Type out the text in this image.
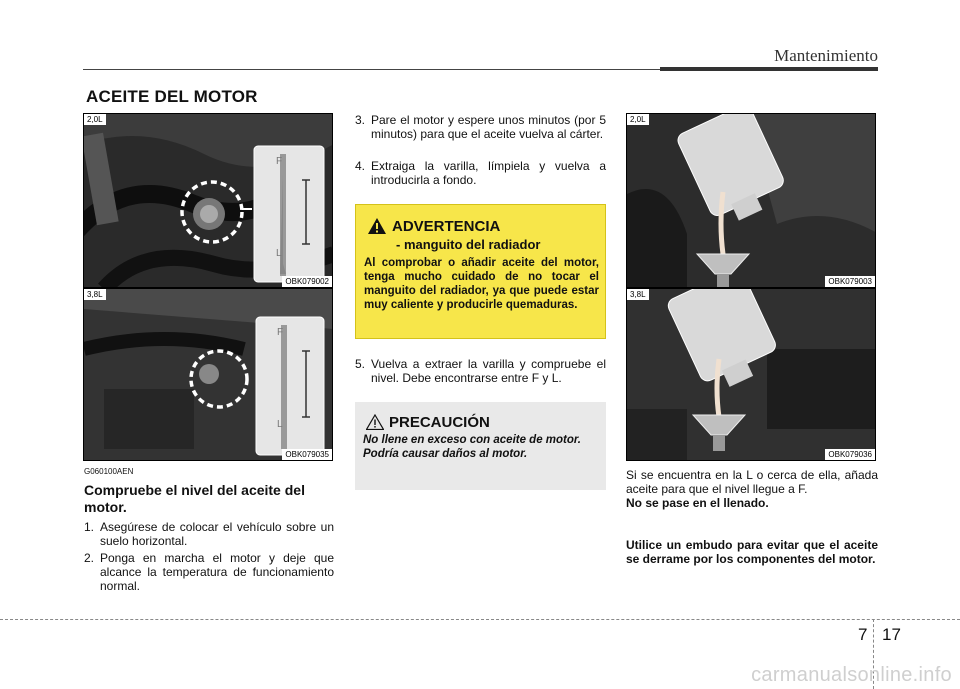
Mantenimiento
ACEITE DEL MOTOR
F
L
2,0L
OBK079002
F
L
3,8L
OBK079035
G060100AEN
Compruebe el nivel del aceite del motor.
1. Asegúrese de colocar el vehículo sobre un suelo horizontal.
2. Ponga en marcha el motor y deje que alcance la temperatura de funcionamiento normal.
3. Pare el motor y espere unos minutos (por 5 minutos) para que el aceite vuelva al cárter.
4. Extraiga la varilla, límpiela y vuelva a introducirla a fondo.
ADVERTENCIA
- manguito del radiador
Al comprobar o añadir aceite del motor, tenga mucho cuidado de no tocar el manguito del radiador, ya que puede estar muy caliente y producirle quemaduras.
5. Vuelva a extraer la varilla y compruebe el nivel. Debe encontrarse entre F y L.
PRECAUCIÓN
No llene en exceso con aceite de motor.
Podría causar daños al motor.
2,0L
OBK079003
3,8L
OBK079036
Si se encuentra en la L o cerca de ella, añada aceite para que el nivel llegue a F.
No se pase en el llenado.
Utilice un embudo para evitar que el aceite se derrame por los componentes del motor.
7 17
carmanualsonline.info
